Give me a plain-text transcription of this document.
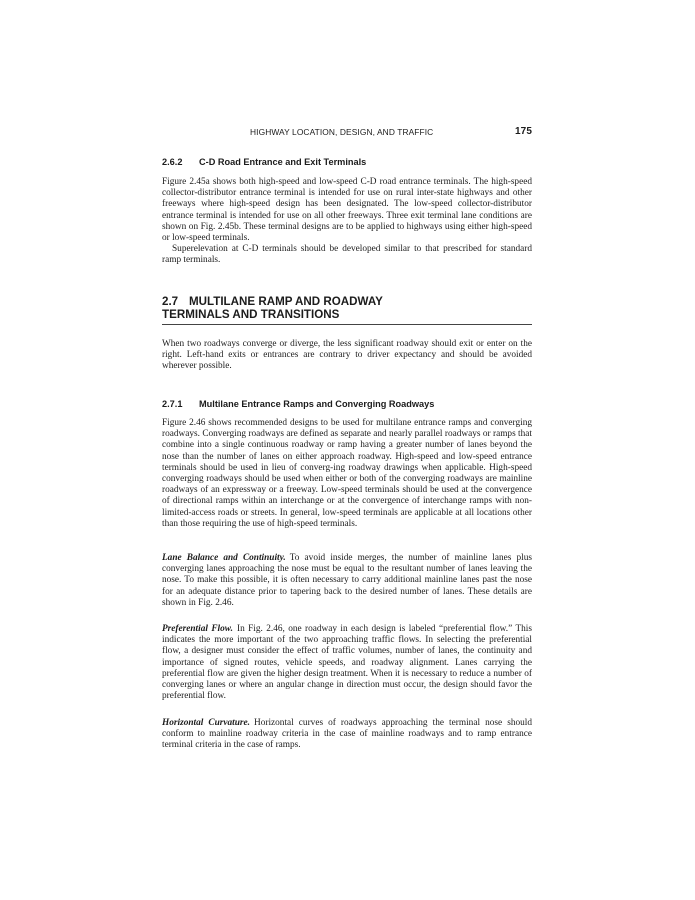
HIGHWAY LOCATION, DESIGN, AND TRAFFIC	175
2.6.2 C-D Road Entrance and Exit Terminals

Figure 2.45a shows both high-speed and low-speed C-D road entrance terminals. The high-speed collector-distributor entrance terminal is intended for use on rural inter-state highways and other freeways where high-speed design has been designated. The low-speed collector-distributor entrance terminal is intended for use on all other freeways. Three exit terminal lane conditions are shown on Fig. 2.45b. These terminal designs are to be applied to highways using either high-speed or low-speed terminals.

Superelevation at C-D terminals should be developed similar to that prescribed for standard ramp terminals.

2.7 MULTILANE RAMP AND ROADWAY
TERMINALS AND TRANSITIONS

When two roadways converge or diverge, the less significant roadway should exit or enter on the right. Left-hand exits or entrances are contrary to driver expectancy and should be avoided wherever possible.

2.7.1 Multilane Entrance Ramps and Converging Roadways

Figure 2.46 shows recommended designs to be used for multilane entrance ramps and converging roadways. Converging roadways are defined as separate and nearly parallel roadways or ramps that combine into a single continuous roadway or ramp having a greater number of lanes beyond the nose than the number of lanes on either approach roadway. High-speed and low-speed entrance terminals should be used in lieu of converg-ing roadway drawings when applicable. High-speed converging roadways should be used when either or both of the converging roadways are mainline roadways of an expressway or a freeway. Low-speed terminals should be used at the convergence of directional ramps within an interchange or at the convergence of interchange ramps with non-limited-access roads or streets. In general, low-speed terminals are applicable at all locations other than those requiring the use of high-speed terminals.

Lane Balance and Continuity. To avoid inside merges, the number of mainline lanes plus converging lanes approaching the nose must be equal to the resultant number of lanes leaving the nose. To make this possible, it is often necessary to carry additional mainline lanes past the nose for an adequate distance prior to tapering back to the desired number of lanes. These details are shown in Fig. 2.46.

Preferential Flow. In Fig. 2.46, one roadway in each design is labeled “preferential flow.” This indicates the more important of the two approaching traffic flows. In selecting the preferential flow, a designer must consider the effect of traffic volumes, number of lanes, the continuity and importance of signed routes, vehicle speeds, and roadway alignment. Lanes carrying the preferential flow are given the higher design treatment. When it is necessary to reduce a number of converging lanes or where an angular change in direction must occur, the design should favor the preferential flow.

Horizontal Curvature. Horizontal curves of roadways approaching the terminal nose should conform to mainline roadway criteria in the case of mainline roadways and to ramp entrance terminal criteria in the case of ramps.
